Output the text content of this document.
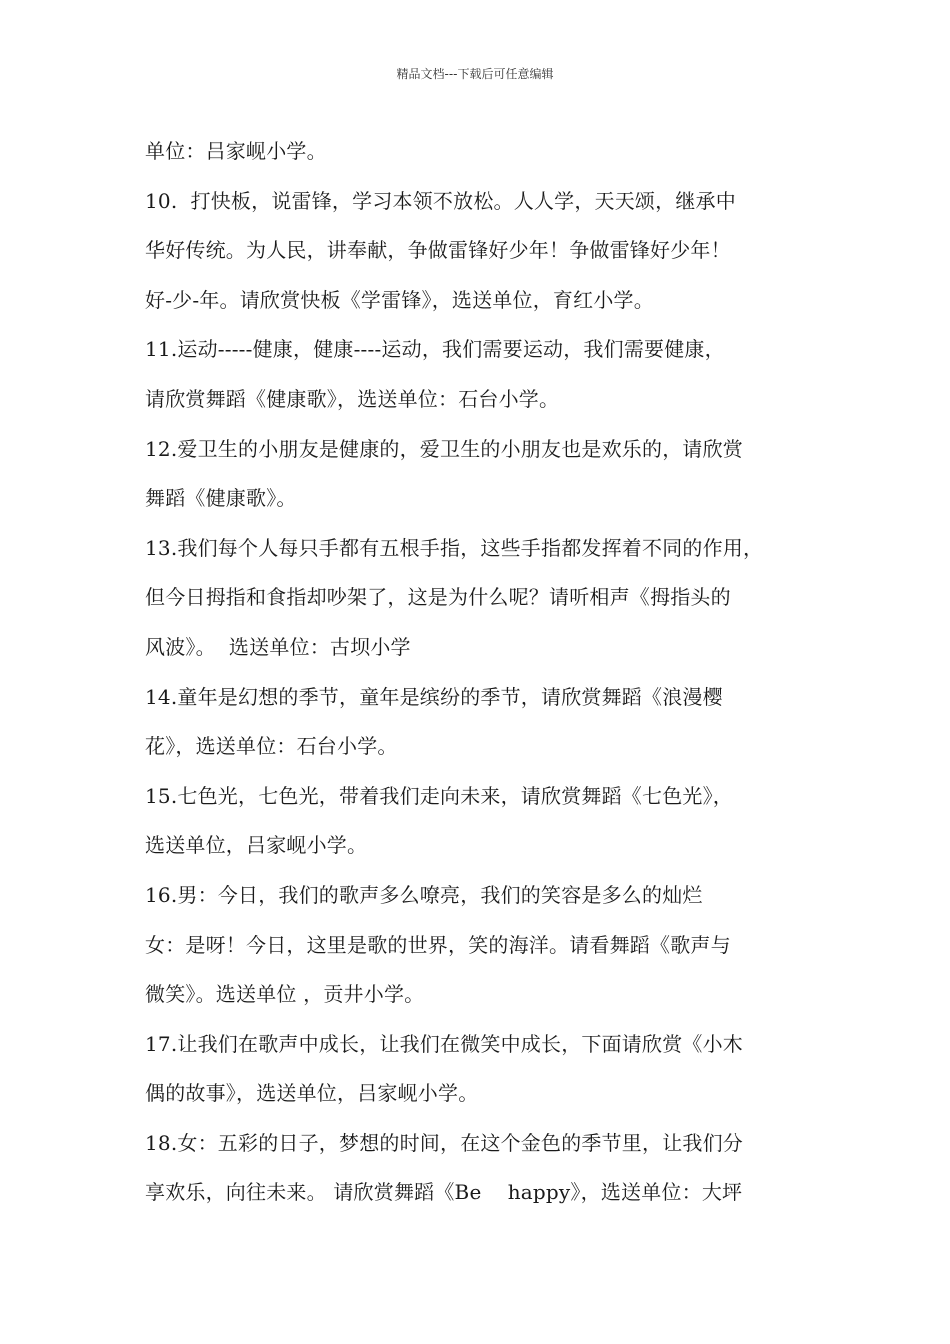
精品文档---下载后可任意编辑
单位：吕家岘小学。
10.  打快板，说雷锋，学习本领不放松。人人学，天天颂，继承中
华好传统。为人民，讲奉献，争做雷锋好少年！争做雷锋好少年！
好-少-年。请欣赏快板《学雷锋》，选送单位，育红小学。
11.运动-----健康，健康----运动，我们需要运动，我们需要健康，
请欣赏舞蹈《健康歌》，选送单位：石台小学。
12.爱卫生的小朋友是健康的，爱卫生的小朋友也是欢乐的，请欣赏
舞蹈《健康歌》。
13.我们每个人每只手都有五根手指，这些手指都发挥着不同的作用，
但今日拇指和食指却吵架了，这是为什么呢？请听相声《拇指头的
风波》。  选送单位：古坝小学
14.童年是幻想的季节，童年是缤纷的季节，请欣赏舞蹈《浪漫樱
花》，选送单位：石台小学。
15.七色光，七色光，带着我们走向未来，请欣赏舞蹈《七色光》，
选送单位，吕家岘小学。
16.男：今日，我们的歌声多么嘹亮，我们的笑容是多么的灿烂
女：是呀！今日，这里是歌的世界，笑的海洋。请看舞蹈《歌声与
微笑》。选送单位 ，贡井小学。
17.让我们在歌声中成长，让我们在微笑中成长，下面请欣赏《小木
偶的故事》，选送单位，吕家岘小学。
18.女：五彩的日子，梦想的时间，在这个金色的季节里，让我们分
享欢乐，向往未来。 请欣赏舞蹈《Be    happy》，选送单位：大坪
